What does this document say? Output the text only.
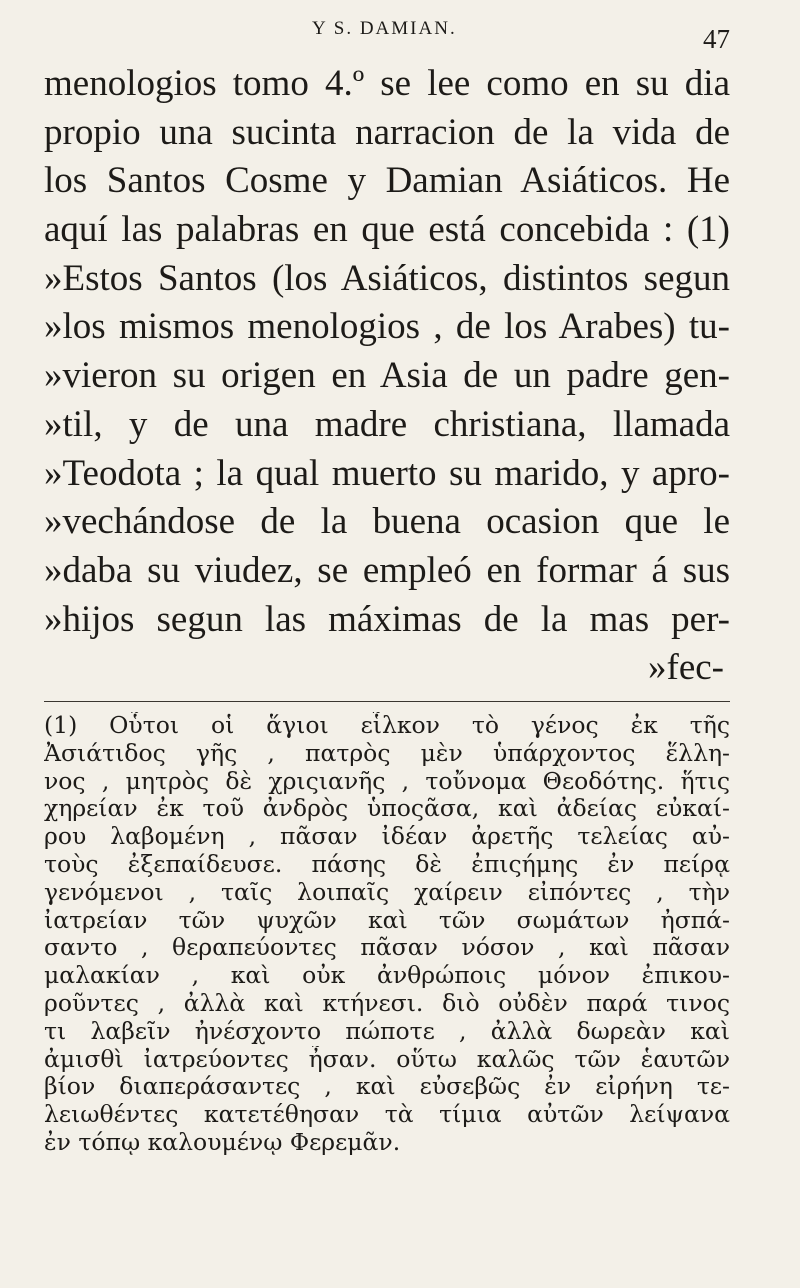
Y S. DAMIAN.	47
menologios tomo 4.º se lee como en su dia
propio una sucinta narracion de la vida de
los Santos Cosme y Damian Asiáticos. He
aquí las palabras en que está concebida : (1)
»Estos Santos (los Asiáticos, distintos segun
»los mismos menologios , de los Arabes) tu-
»vieron su origen en Asia de un padre gen-
»til, y de una madre christiana, llamada
»Teodota ; la qual muerto su marido, y apro-
»vechándose de la buena ocasion que le
»daba su viudez, se empleó en formar á sus
»hijos segun las máximas de la mas per-
»fec-
(1) Οὗτοι οἱ ἅγιοι εἷλκον τὸ γένος ἐκ τῆς
Ἀσιάτιδος γῆς , πατρὸς μὲν ὑπάρχοντος ἕλλη-
νος , μητρὸς δὲ χριςιανῆς , τοὔνομα Θεοδότης. ἥτις
χηρείαν ἐκ τοῦ ἀνδρὸς ὑποςᾶσα, καὶ ἀδείας εὐκαί-
ρου λαβομένη , πᾶσαν ἰδέαν ἀρετῆς τελείας αὐ-
τοὺς ἐξεπαίδευσε. πάσης δὲ ἐπιςήμης ἐν πείρᾳ
γενόμενοι , ταῖς λοιπαῖς χαίρειν εἰπόντες , τὴν
ἰατρείαν τῶν ψυχῶν καὶ τῶν σωμάτων ἠσπά-
σαντο , θεραπεύοντες πᾶσαν νόσον , καὶ πᾶσαν
μαλακίαν , καὶ οὐκ ἀνθρώποις μόνον ἐπικου-
ροῦντες , ἀλλὰ καὶ κτήνεσι. διὸ οὐδὲν παρά τινος
τι λαβεῖν ἠνέσχοντο πώποτε , ἀλλὰ δωρεὰν καὶ
ἀμισθὶ ἰατρεύοντες ἦσαν. οὕτω καλῶς τῶν ἑαυτῶν
βίον διαπεράσαντες , καὶ εὐσεβῶς ἐν εἰρήνη τε-
λειωθέντες κατετέθησαν τὰ τίμια αὐτῶν λείψανα
ἐν τόπῳ καλουμένῳ Φερεμᾶν.
